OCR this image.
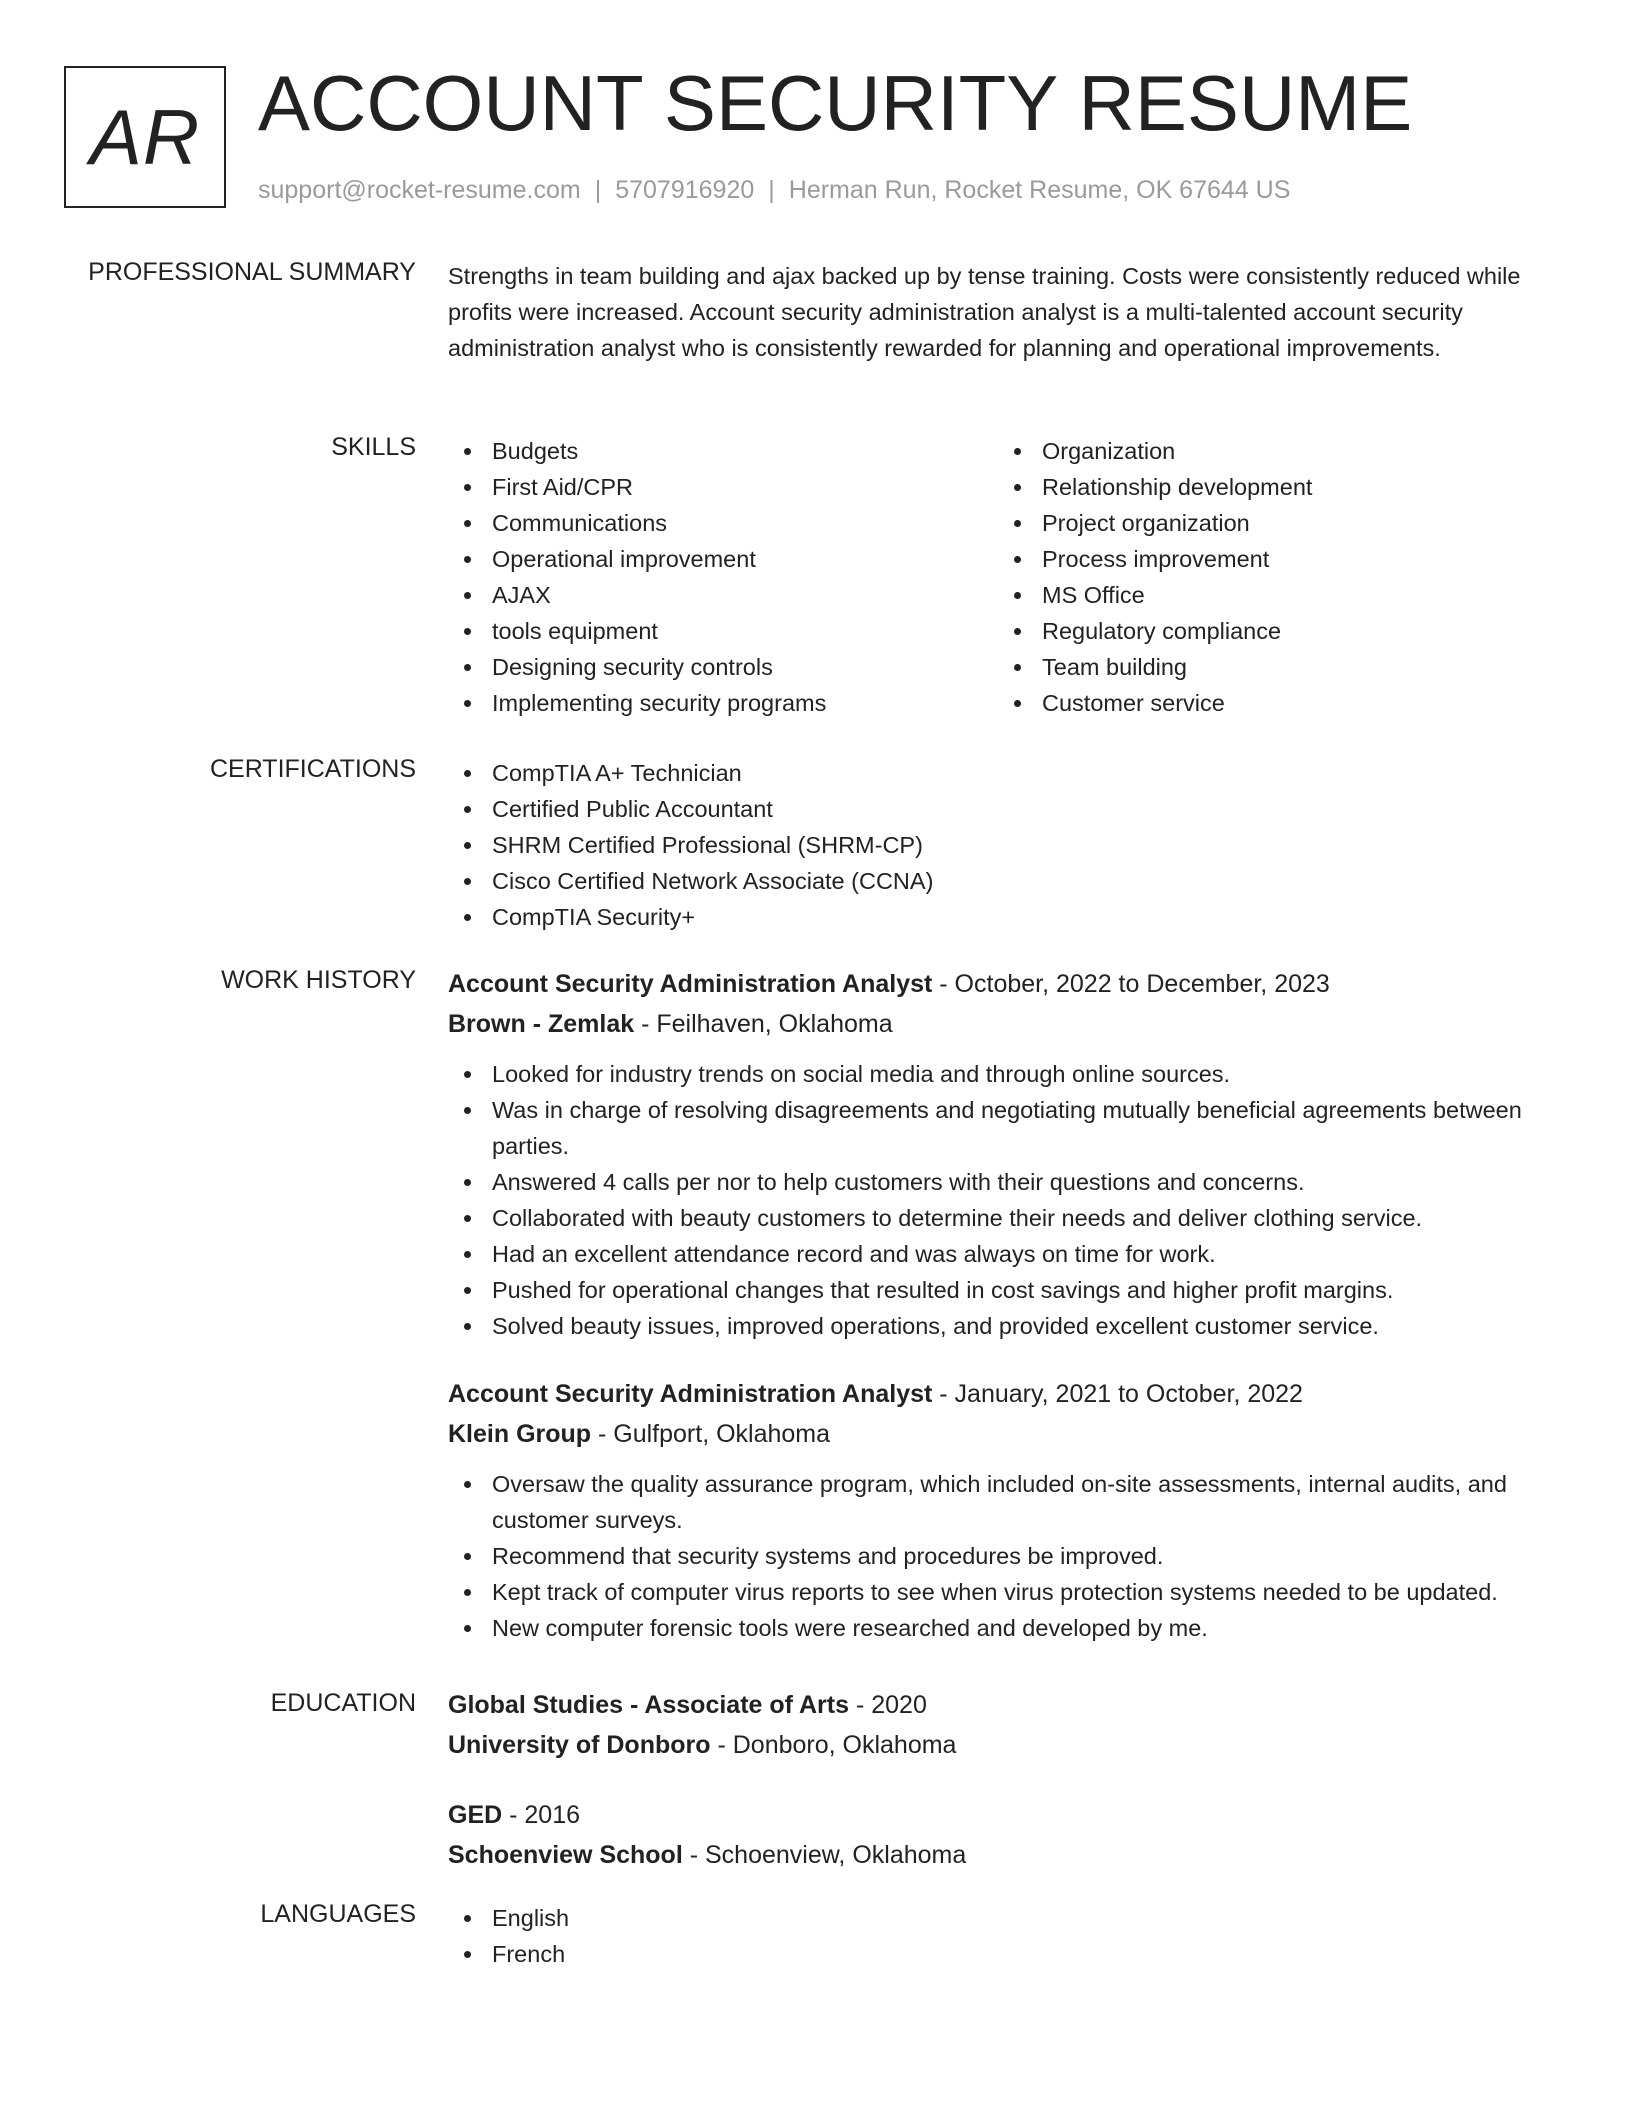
AR ACCOUNT SECURITY RESUME
support@rocket-resume.com | 5707916920 | Herman Run, Rocket Resume, OK 67644 US
PROFESSIONAL SUMMARY Strengths in team building and ajax backed up by tense training. Costs were consistently reduced while profits were increased. Account security administration analyst is a multi-talented account security administration analyst who is consistently rewarded for planning and operational improvements.
SKILLS	Budgets
First Aid/CPR
Communications
Operational improvement
AJAX
tools equipment
Designing security controls
Implementing security programs
Organization
Relationship development
Project organization
Process improvement
MS Office
Regulatory compliance
Team building
Customer service
CERTIFICATIONS	CompTIA A+ Technician
Certified Public Accountant
SHRM Certified Professional (SHRM-CP)
Cisco Certified Network Associate (CCNA)
CompTIA Security+
WORK HISTORY Account Security Administration Analyst - October, 2022 to December, 2023
Brown - Zemlak - Feilhaven, Oklahoma
Looked for industry trends on social media and through online sources.
Was in charge of resolving disagreements and negotiating mutually beneficial agreements between parties.
Answered 4 calls per nor to help customers with their questions and concerns.
Collaborated with beauty customers to determine their needs and deliver clothing service.
Had an excellent attendance record and was always on time for work.
Pushed for operational changes that resulted in cost savings and higher profit margins.
Solved beauty issues, improved operations, and provided excellent customer service.
Account Security Administration Analyst - January, 2021 to October, 2022
Klein Group - Gulfport, Oklahoma
Oversaw the quality assurance program, which included on-site assessments, internal audits, and customer surveys.
Recommend that security systems and procedures be improved.
Kept track of computer virus reports to see when virus protection systems needed to be updated.
New computer forensic tools were researched and developed by me.
EDUCATION Global Studies - Associate of Arts - 2020
University of Donboro - Donboro, Oklahoma
GED - 2016
Schoenview School - Schoenview, Oklahoma
LANGUAGES	English
French
